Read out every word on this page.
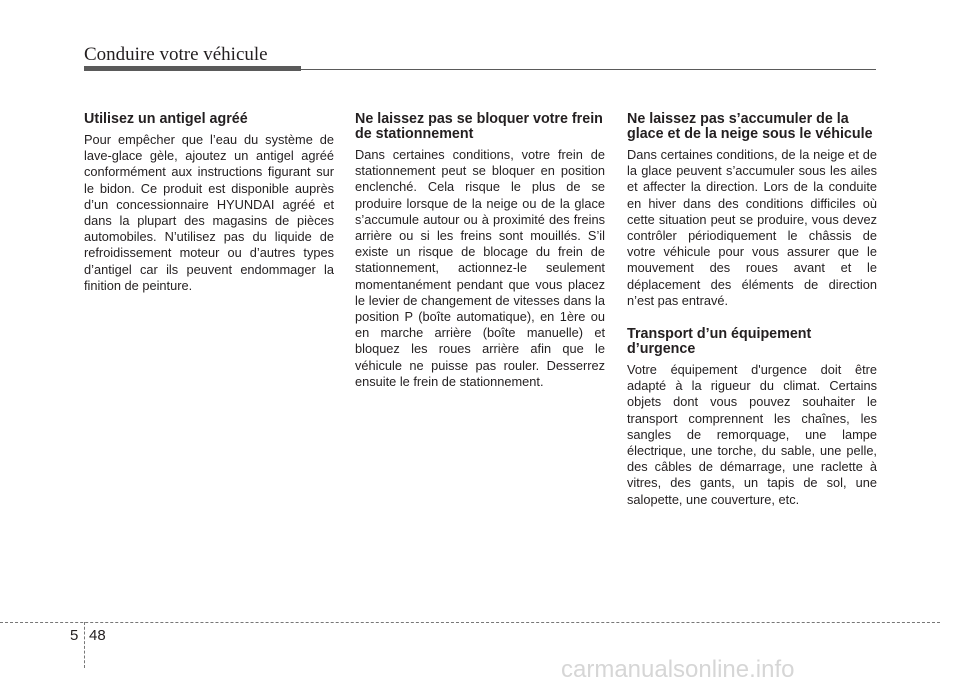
Conduire votre véhicule
Utilisez un antigel agréé

Pour empêcher que l’eau du système de lave-glace gèle, ajoutez un antigel agréé conformément aux instructions figurant sur le bidon. Ce produit est disponible auprès d’un concessionnaire HYUNDAI agréé et dans la plupart des magasins de pièces automobiles. N’utilisez pas du liquide de refroidissement moteur ou d’autres types d’antigel car ils peuvent endommager la finition de peinture.

Ne laissez pas se bloquer votre frein de stationnement

Dans certaines conditions, votre frein de stationnement peut se bloquer en position enclenché. Cela risque le plus de se produire lorsque de la neige ou de la glace s’accumule autour ou à proximité des freins arrière ou si les freins sont mouillés. S’il existe un risque de blocage du frein de stationnement, actionnez-le seulement momentanément pendant que vous placez le levier de changement de vitesses dans la position P (boîte automatique), en 1ère ou en marche arrière (boîte manuelle) et bloquez les roues arrière afin que le véhicule ne puisse pas rouler. Desserrez ensuite le frein de stationnement.

Ne laissez pas s’accumuler de la glace et de la neige sous le véhicule

Dans certaines conditions, de la neige et de la glace peuvent s’accumuler sous les ailes et affecter la direction. Lors de la conduite en hiver dans des conditions difficiles où cette situation peut se produire, vous devez contrôler périodiquement le châssis de votre véhicule pour vous assurer que le mouvement des roues avant et le déplacement des éléments de direction n’est pas entravé.

Transport d’un équipement d’urgence

Votre équipement d'urgence doit être adapté à la rigueur du climat. Certains objets dont vous pouvez souhaiter le transport comprennent les chaînes, les sangles de remorquage, une lampe électrique, une torche, du sable, une pelle, des câbles de démarrage, une raclette à vitres, des gants, un tapis de sol, une salopette, une couverture, etc.

5 48
carmanualsonline.info
